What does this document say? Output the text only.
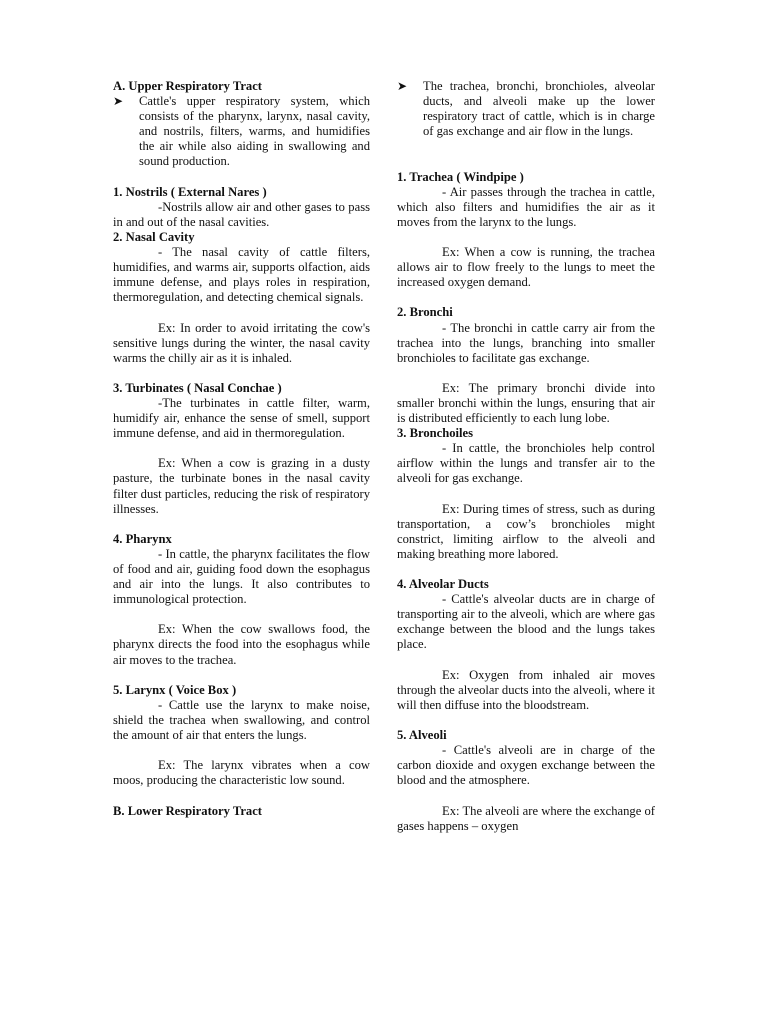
A. Upper Respiratory Tract

➤ Cattle's upper respiratory system, which consists of the pharynx, larynx, nasal cavity, and nostrils, filters, warms, and humidifies the air while also aiding in swallowing and sound production.

1. Nostrils ( External Nares )

-Nostrils allow air and other gases to pass in and out of the nasal cavities.

2. Nasal Cavity

- The nasal cavity of cattle filters, humidifies, and warms air, supports olfaction, aids immune defense, and plays roles in respiration, thermoregulation, and detecting chemical signals.

Ex: In order to avoid irritating the cow's sensitive lungs during the winter, the nasal cavity warms the chilly air as it is inhaled.

3. Turbinates ( Nasal Conchae )

-The turbinates in cattle filter, warm, humidify air, enhance the sense of smell, support immune defense, and aid in thermoregulation.

Ex: When a cow is grazing in a dusty pasture, the turbinate bones in the nasal cavity filter dust particles, reducing the risk of respiratory illnesses.

4. Pharynx

- In cattle, the pharynx facilitates the flow of food and air, guiding food down the esophagus and air into the lungs. It also contributes to immunological protection.

Ex: When the cow swallows food, the pharynx directs the food into the esophagus while air moves to the trachea.

5. Larynx ( Voice Box )

- Cattle use the larynx to make noise, shield the trachea when swallowing, and control the amount of air that enters the lungs.

Ex: The larynx vibrates when a cow moos, producing the characteristic low sound.

B. Lower Respiratory Tract

➤ The trachea, bronchi, bronchioles, alveolar ducts, and alveoli make up the lower respiratory tract of cattle, which is in charge of gas exchange and air flow in the lungs.

1. Trachea ( Windpipe )

- Air passes through the trachea in cattle, which also filters and humidifies the air as it moves from the larynx to the lungs.

Ex: When a cow is running, the trachea allows air to flow freely to the lungs to meet the increased oxygen demand.

2. Bronchi

- The bronchi in cattle carry air from the trachea into the lungs, branching into smaller bronchioles to facilitate gas exchange.

Ex: The primary bronchi divide into smaller bronchi within the lungs, ensuring that air is distributed efficiently to each lung lobe.

3. Bronchoiles

- In cattle, the bronchioles help control airflow within the lungs and transfer air to the alveoli for gas exchange.

Ex: During times of stress, such as during transportation, a cow’s bronchioles might constrict, limiting airflow to the alveoli and making breathing more labored.

4. Alveolar Ducts

- Cattle's alveolar ducts are in charge of transporting air to the alveoli, which are where gas exchange between the blood and the lungs takes place.

Ex: Oxygen from inhaled air moves through the alveolar ducts into the alveoli, where it will then diffuse into the bloodstream.

5. Alveoli

- Cattle's alveoli are in charge of the carbon dioxide and oxygen exchange between the blood and the atmosphere.

Ex: The alveoli are where the exchange of gases happens – oxygen
